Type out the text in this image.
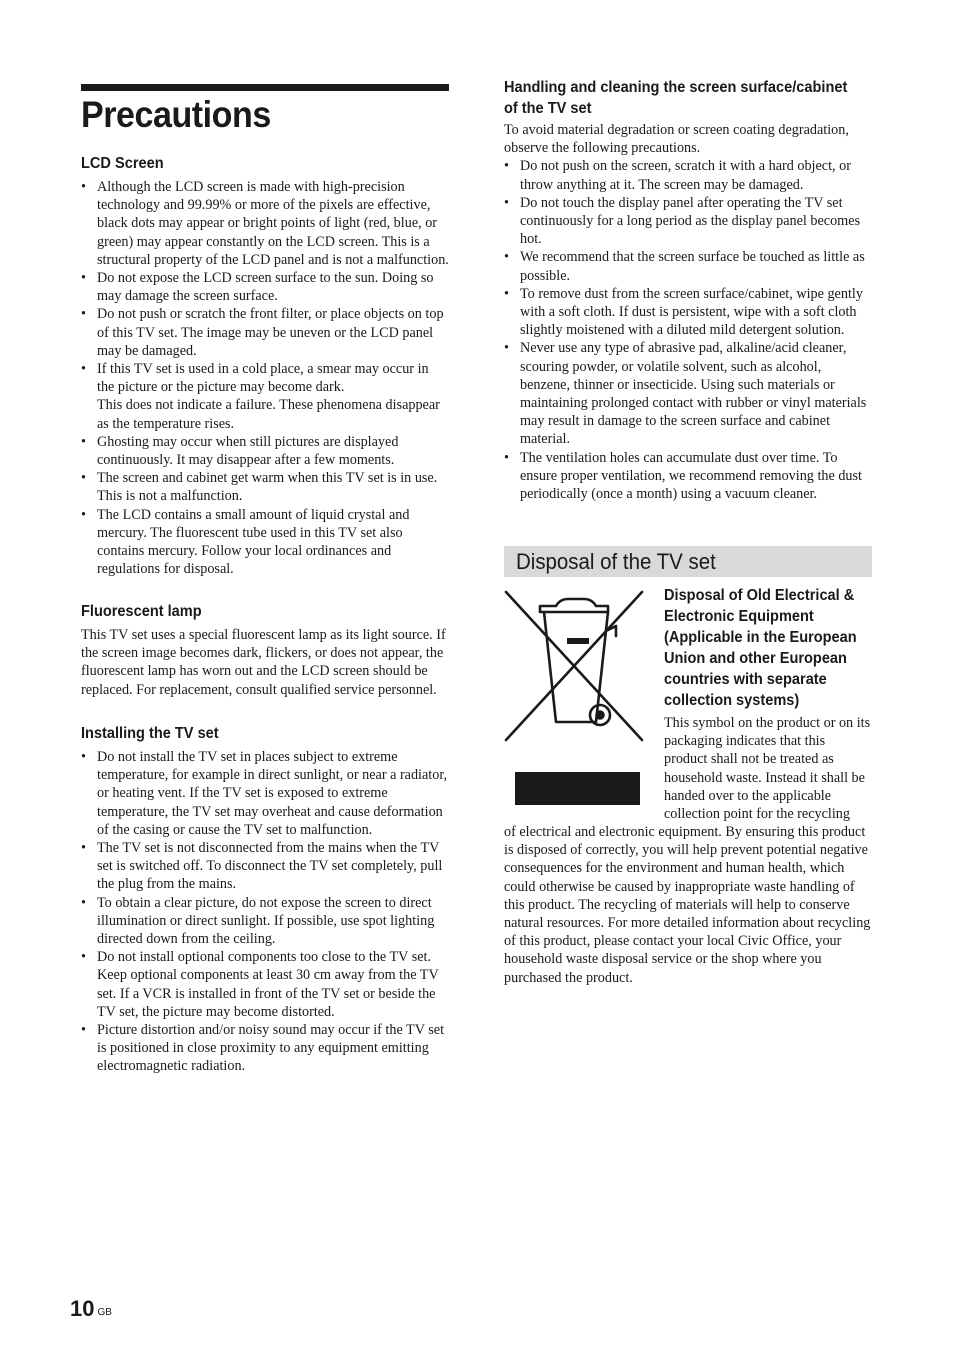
Precautions
LCD Screen
• Although the LCD screen is made with high-precision technology and 99.99% or more of the pixels are effective, black dots may appear or bright points of light (red, blue, or green) may appear constantly on the LCD screen. This is a structural property of the LCD panel and is not a malfunction.
• Do not expose the LCD screen surface to the sun. Doing so may damage the screen surface.
• Do not push or scratch the front filter, or place objects on top of this TV set. The image may be uneven or the LCD panel may be damaged.
• If this TV set is used in a cold place, a smear may occur in the picture or the picture may become dark.
This does not indicate a failure. These phenomena disappear as the temperature rises.
• Ghosting may occur when still pictures are displayed continuously. It may disappear after a few moments.
• The screen and cabinet get warm when this TV set is in use. This is not a malfunction.
• The LCD contains a small amount of liquid crystal and mercury. The fluorescent tube used in this TV set also contains mercury. Follow your local ordinances and regulations for disposal.
Fluorescent lamp

This TV set uses a special fluorescent lamp as its light source. If the screen image becomes dark, flickers, or does not appear, the fluorescent lamp has worn out and the LCD screen should be replaced. For replacement, consult qualified service personnel.

Installing the TV set
• Do not install the TV set in places subject to extreme temperature, for example in direct sunlight, or near a radiator, or heating vent. If the TV set is exposed to extreme temperature, the TV set may overheat and cause deformation of the casing or cause the TV set to malfunction.
• The TV set is not disconnected from the mains when the TV set is switched off. To disconnect the TV set completely, pull the plug from the mains.
• To obtain a clear picture, do not expose the screen to direct illumination or direct sunlight. If possible, use spot lighting directed down from the ceiling.
• Do not install optional components too close to the TV set. Keep optional components at least 30 cm away from the TV set. If a VCR is installed in front of the TV set or beside the TV set, the picture may become distorted.
• Picture distortion and/or noisy sound may occur if the TV set is positioned in close proximity to any equipment emitting electromagnetic radiation.
Handling and cleaning the screen surface/cabinet of the TV set

To avoid material degradation or screen coating degradation, observe the following precautions.

• Do not push on the screen, scratch it with a hard object, or throw anything at it. The screen may be damaged.
• Do not touch the display panel after operating the TV set continuously for a long period as the display panel becomes hot.
• We recommend that the screen surface be touched as little as possible.
• To remove dust from the screen surface/cabinet, wipe gently with a soft cloth. If dust is persistent, wipe with a soft cloth slightly moistened with a diluted mild detergent solution.
• Never use any type of abrasive pad, alkaline/acid cleaner, scouring powder, or volatile solvent, such as alcohol, benzene, thinner or insecticide. Using such materials or maintaining prolonged contact with rubber or vinyl materials may result in damage to the screen surface and cabinet material.
• The ventilation holes can accumulate dust over time. To ensure proper ventilation, we recommend removing the dust periodically (once a month) using a vacuum cleaner.
Disposal of the TV set
Disposal of Old Electrical & Electronic Equipment (Applicable in the European Union and other European countries with separate collection systems)

This symbol on the product or on its packaging indicates that this product shall not be treated as household waste. Instead it shall be handed over to the applicable collection point for the recycling

of electrical and electronic equipment. By ensuring this product is disposed of correctly, you will help prevent potential negative consequences for the environment and human health, which could otherwise be caused by inappropriate waste handling of this product. The recycling of materials will help to conserve natural resources. For more detailed information about recycling of this product, please contact your local Civic Office, your household waste disposal service or the shop where you purchased the product.

10 $^{GB}$
